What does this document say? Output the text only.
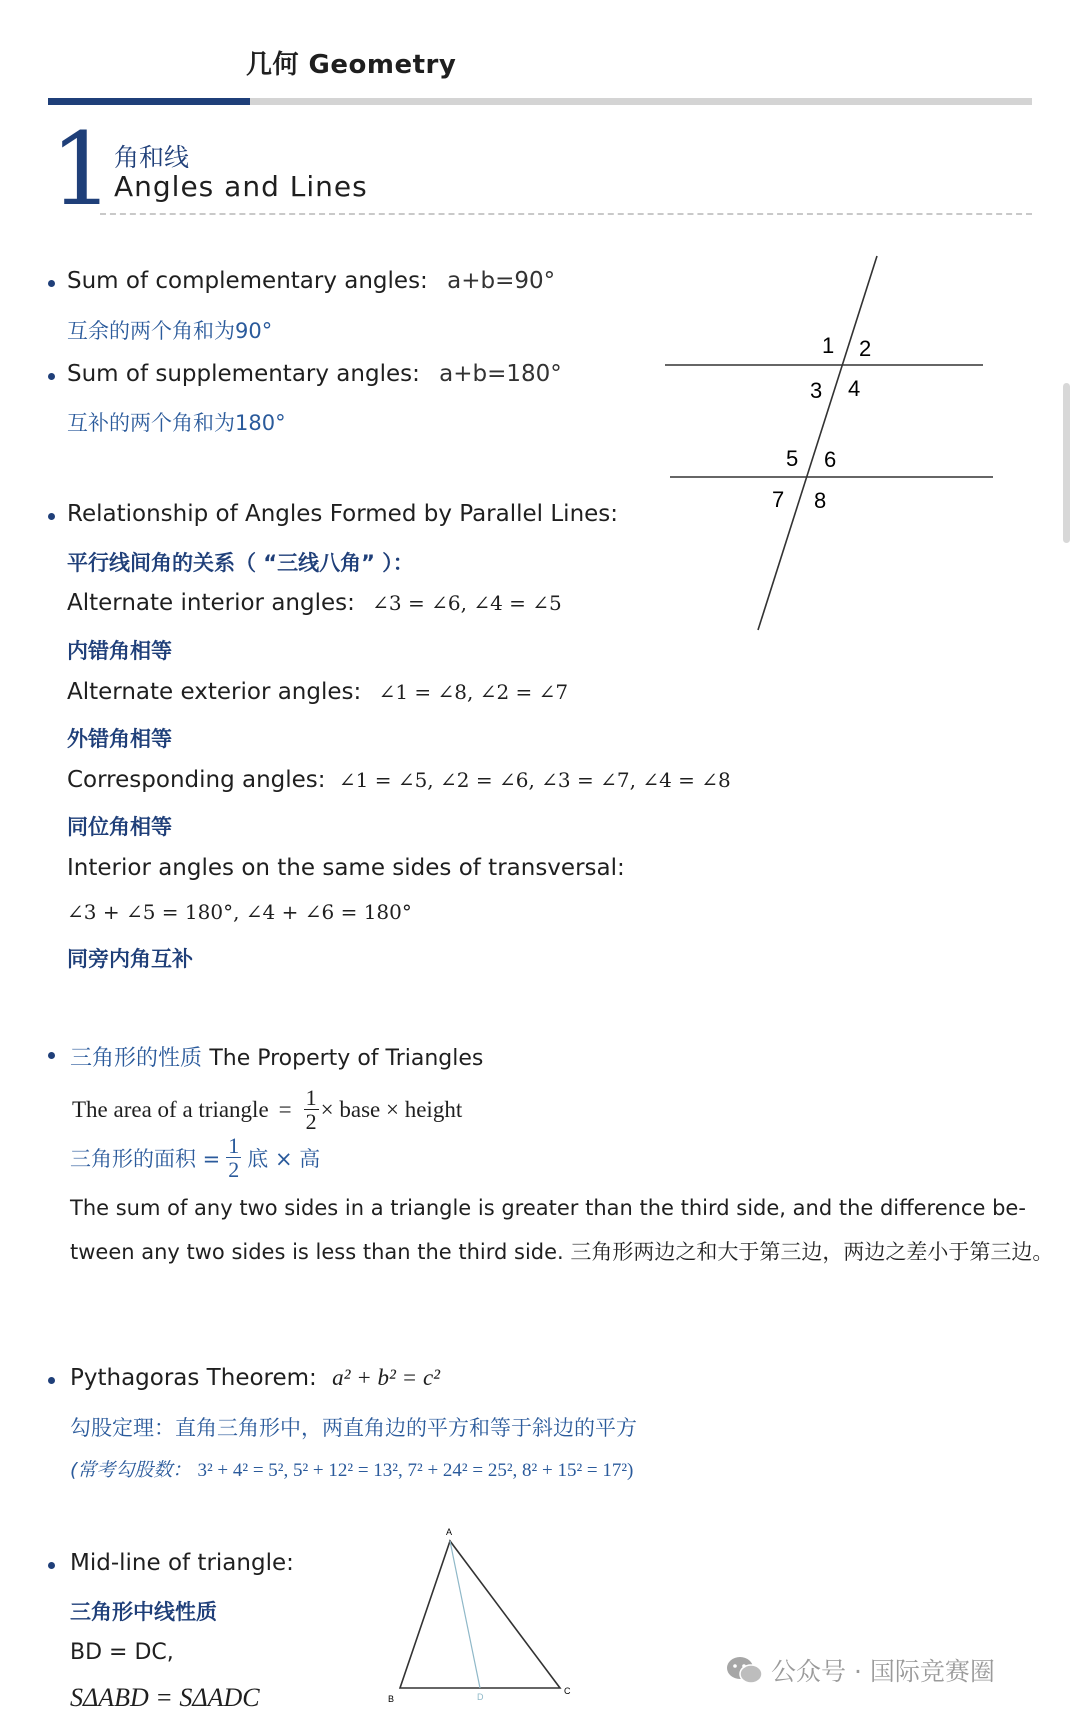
几何 Geometry
1 角和线
Angles and Lines
Sum of complementary angles: a+b=90°
互余的两个角和为90°
Sum of supplementary angles: a+b=180°
互补的两个角和为180°
1 2
3 4
5 6
7 8
Relationship of Angles Formed by Parallel Lines:
平行线间角的关系（ “三线八角” ）：
Alternate interior angles: ∠3 = ∠6, ∠4 = ∠5
内错角相等
Alternate exterior angles: ∠1 = ∠8, ∠2 = ∠7
外错角相等
Corresponding angles: ∠1 = ∠5, ∠2 = ∠6, ∠3 = ∠7, ∠4 = ∠8
同位角相等
Interior angles on the same sides of transversal:
∠3 + ∠5 = 180°, ∠4 + ∠6 = 180°
同旁内角互补
三角形的性质 The Property of Triangles
The area of a triangle = $\frac{1}{2}$ × base × height
三角形的面积 = $\frac{1}{2}$ 底 × 高
The sum of any two sides in a triangle is greater than the third side, and the difference be-
tween any two sides is less than the third side. 三角形两边之和大于第三边，两边之差小于第三边。
Pythagoras Theorem: a² + b² = c²
勾股定理：直角三角形中，两直角边的平方和等于斜边的平方
(常考勾股数： 3² + 4² = 5², 5² + 12² = 13², 7² + 24² = 25², 8² + 15² = 17²)
Mid-line of triangle:
三角形中线性质
BD = DC,
SΔABD = SΔADC
A
B	D
C
公众号 · 国际竞赛圈
